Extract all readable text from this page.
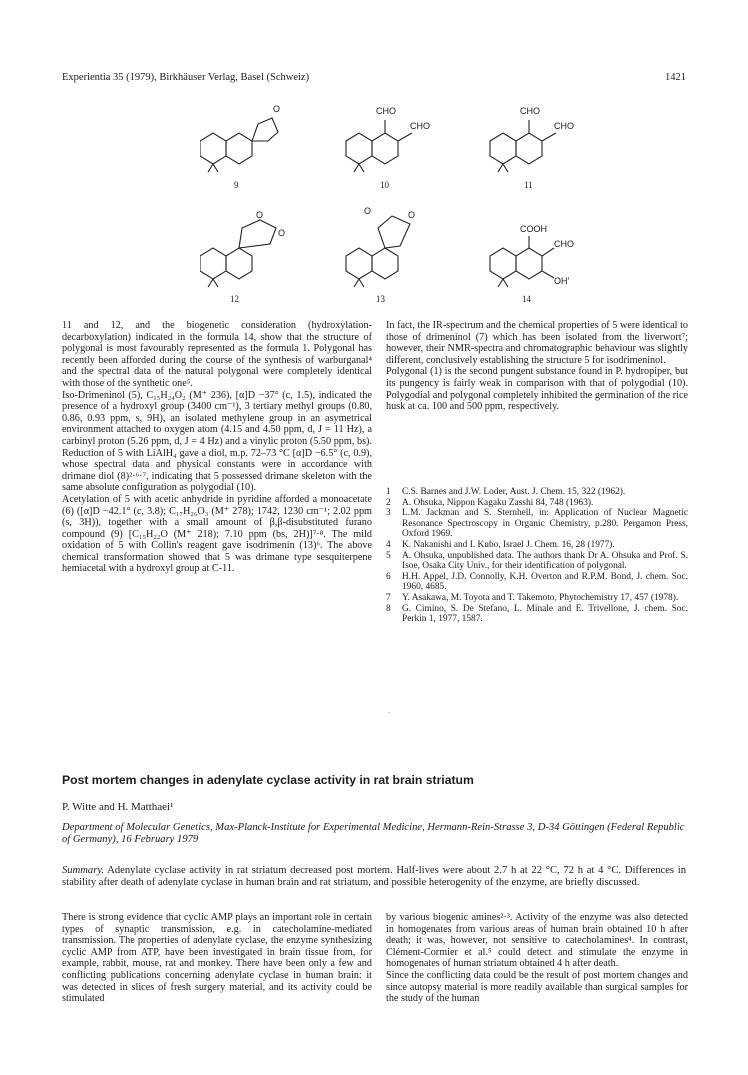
Experientia 35 (1979), Birkhäuser Verlag, Basel (Schweiz)	1421
O
9
CHO
CHO
10
CHO
CHO
11
O
O
12
O	O
13
COOH
CHO
OH'
14

11 and 12, and the biogenetic consideration (hydroxylation-decarboxylation) indicated in the formula 14, show that the structure of polygonal is most favourably represented as the formula 1. Polygonal has recently been afforded during the course of the synthesis of warburganal⁴ and the spectral data of the natural polygonal were completely identical with those of the synthetic one⁵.
Iso-Drimeninol (5), C₁₅H₂₄O₂ (M⁺ 236), [α]D −37° (c, 1.5), indicated the presence of a hydroxyl group (3400 cm⁻¹), 3 tertiary methyl groups (0.80, 0.86, 0.93 ppm, s, 9H), an isolated methylene group in an asymetrical environment attached to oxygen atom (4.15 and 4.50 ppm, d, J = 11 Hz), a carbinyl proton (5.26 ppm, d, J = 4 Hz) and a vinylic proton (5.50 ppm, bs). Reduction of 5 with LiAlH₄ gave a diol, m.p. 72–73 °C [α]D −6.5° (c, 0.9), whose spectral data and physical constants were in accordance with drimane diol (8)²·⁶·⁷, indicating that 5 possessed drimane skeleton with the same absolute configuration as polygodial (10).
Acetylation of 5 with acetic anhydride in pyridine afforded a monoacetate (6) ([α]D −42.1° (c, 3.8); C₁₇H₂₆O₃ (M⁺ 278); 1742, 1230 cm⁻¹; 2.02 ppm (s, 3H)), together with a small amount of β,β-disubstituted furano compound (9) [C₁₅H₂₂O (M⁺ 218); 7.10 ppm (bs, 2H)]⁷·⁸. The mild oxidation of 5 with Collin's reagent gave isodrimenin (13)⁶. The above chemical transformation showed that 5 was drimane type sesquiterpene hemiacetal with a hydroxyl group at C-11.

In fact, the IR-spectrum and the chemical properties of 5 were identical to those of drimeninol (7) which has been isolated from the liverwort⁷; however, their NMR-spectra and chromatographic behaviour was slightly different, conclusively establishing the structure 5 for isodrimeninol.
Polygonal (1) is the second pungent substance found in P. hydropiper, but its pungency is fairly weak in comparison with that of polygodial (10). Polygodial and polygonal completely inhibited the germination of the rice husk at ca. 100 and 500 ppm, respectively.

1 C.S. Barnes and J.W. Loder, Aust. J. Chem. 15, 322 (1962).
2 A. Ohsuka, Nippon Kagaku Zasshi 84, 748 (1963).
3 L.M. Jackman and S. Sternhell, in: Application of Nuclear Magnetic Resonance Spectroscopy in Organic Chemistry, p.280. Pergamon Press, Oxford 1969.
4 K. Nakanishi and I. Kubo, Israel J. Chem. 16, 28 (1977).
5 A. Ohsuka, unpublished data. The authors thank Dr A. Ohsuka and Prof. S. Isoe, Osaka City Univ., for their identification of polygonal.
6 H.H. Appel, J.D. Connolly, K.H. Overton and R.P.M. Bond, J. chem. Soc. 1960, 4685.
7 Y. Asakawa, M. Toyota and T. Takemoto, Phytochemistry 17, 457 (1978).
8 G. Cimino, S. De Stefano, L. Minale and E. Trivellone, J. chem. Soc. Perkin 1, 1977, 1587.
-
Post mortem changes in adenylate cyclase activity in rat brain striatum
P. Witte and H. Matthaei¹
Department of Molecular Genetics, Max-Planck-Institute for Experimental Medicine, Hermann-Rein-Strasse 3, D-34 Göttingen (Federal Republic of Germany), 16 February 1979
Summary. Adenylate cyclase activity in rat striatum decreased post mortem. Half-lives were about 2.7 h at 22 °C, 72 h at 4 °C. Differences in stability after death of adenylate cyclase in human brain and rat striatum, and possible heterogenity of the enzyme, are briefly discussed.

There is strong evidence that cyclic AMP plays an important role in certain types of synaptic transmission, e.g. in catecholamine-mediated transmission. The properties of adenylate cyclase, the enzyme synthesizing cyclic AMP from ATP, have been investigated in brain tissue from, for example, rabbit, mouse, rat and monkey. There have been only a few and conflicting publications concerning adenylate cyclase in human brain: it was detected in slices of fresh surgery material, and its activity could be stimulated

by various biogenic amines²·³. Activity of the enzyme was also detected in homogenates from various areas of human brain obtained 10 h after death; it was, however, not sensitive to catecholamines⁴. In contrast, Clément-Cormier et al.⁵ could detect and stimulate the enzyme in homogenates of human striatum obtained 4 h after death.
Since the conflicting data could be the result of post mortem changes and since autopsy material is more readily available than surgical samples for the study of the human
